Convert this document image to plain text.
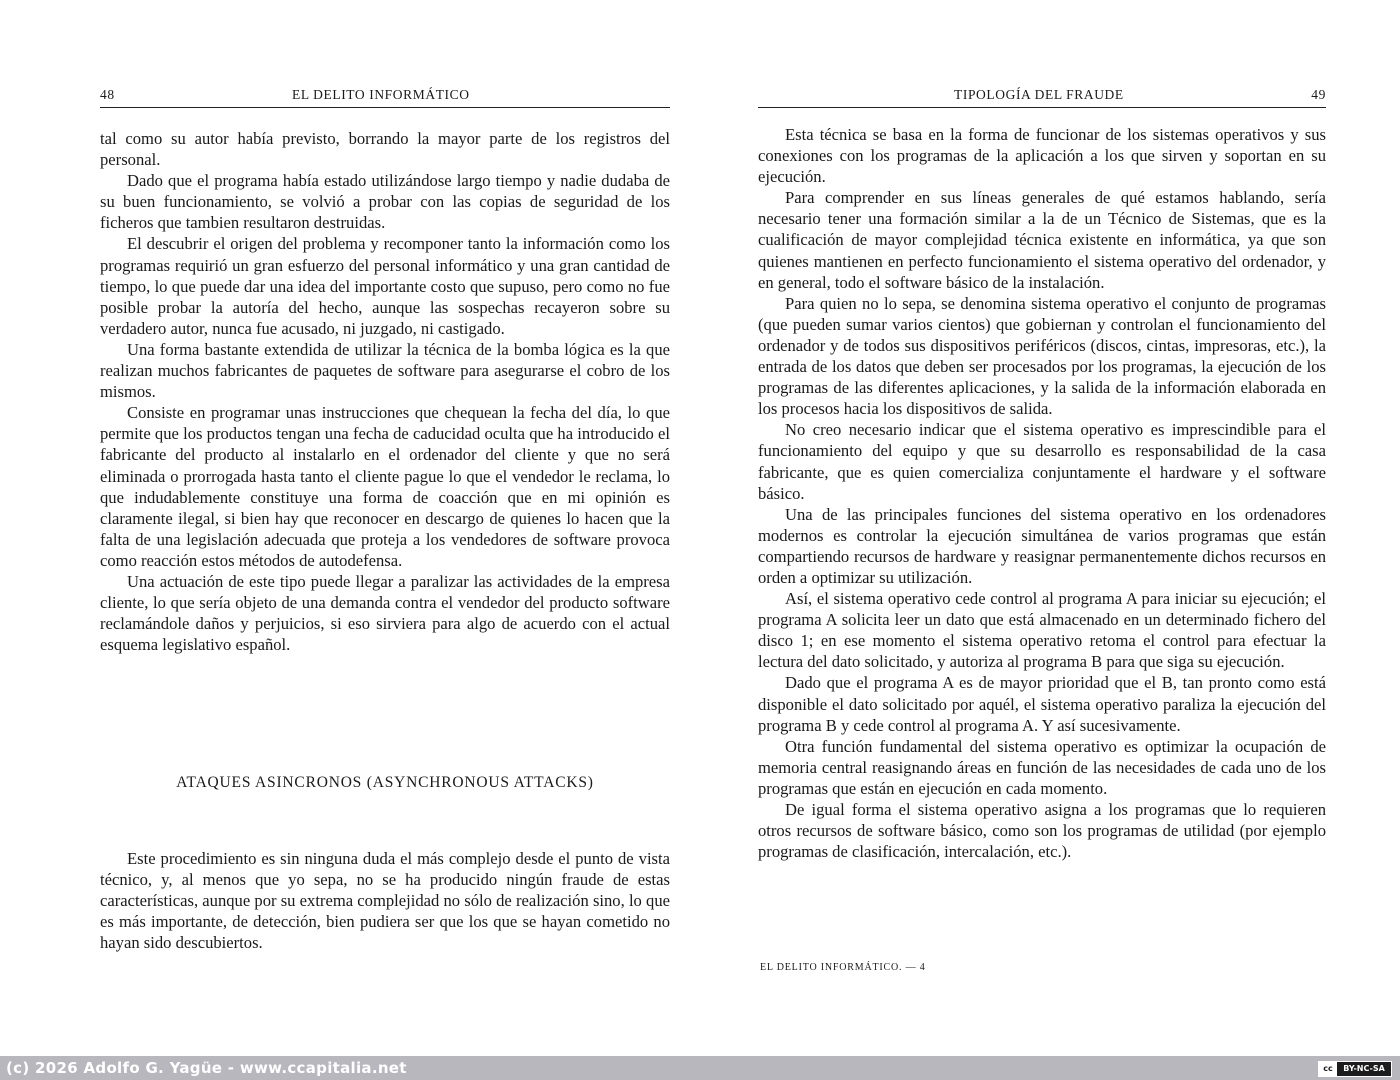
48	EL DELITO INFORMÁTICO

tal como su autor había previsto, borrando la mayor parte de los registros del personal.

Dado que el programa había estado utilizándose largo tiempo y nadie dudaba de su buen funcionamiento, se volvió a probar con las copias de seguridad de los ficheros que tambien resultaron destruidas.

El descubrir el origen del problema y recomponer tanto la información como los programas requirió un gran esfuerzo del personal informático y una gran cantidad de tiempo, lo que puede dar una idea del importante costo que supuso, pero como no fue posible probar la autoría del hecho, aunque las sospechas recayeron sobre su verdadero autor, nunca fue acusado, ni juzgado, ni castigado.

Una forma bastante extendida de utilizar la técnica de la bomba lógica es la que realizan muchos fabricantes de paquetes de software para asegurarse el cobro de los mismos.

Consiste en programar unas instrucciones que chequean la fecha del día, lo que permite que los productos tengan una fecha de caducidad oculta que ha introducido el fabricante del producto al instalarlo en el ordenador del cliente y que no será eliminada o prorrogada hasta tanto el cliente pague lo que el vendedor le reclama, lo que indudablemente constituye una forma de coacción que en mi opinión es claramente ilegal, si bien hay que reconocer en descargo de quienes lo hacen que la falta de una legislación adecuada que proteja a los vendedores de software provoca como reacción estos métodos de autodefensa.

Una actuación de este tipo puede llegar a paralizar las actividades de la empresa cliente, lo que sería objeto de una demanda contra el vendedor del producto software reclamándole daños y perjuicios, si eso sirviera para algo de acuerdo con el actual esquema legislativo español.

ATAQUES ASINCRONOS (ASYNCHRONOUS ATTACKS)

Este procedimiento es sin ninguna duda el más complejo desde el punto de vista técnico, y, al menos que yo sepa, no se ha producido ningún fraude de estas características, aunque por su extrema complejidad no sólo de realización sino, lo que es más importante, de detección, bien pudiera ser que los que se hayan cometido no hayan sido descubiertos.

TIPOLOGÍA DEL FRAUDE	49

Esta técnica se basa en la forma de funcionar de los sistemas operativos y sus conexiones con los programas de la aplicación a los que sirven y soportan en su ejecución.

Para comprender en sus líneas generales de qué estamos hablando, sería necesario tener una formación similar a la de un Técnico de Sistemas, que es la cualificación de mayor complejidad técnica existente en informática, ya que son quienes mantienen en perfecto funcionamiento el sistema operativo del ordenador, y en general, todo el software básico de la instalación.

Para quien no lo sepa, se denomina sistema operativo el conjunto de programas (que pueden sumar varios cientos) que gobiernan y controlan el funcionamiento del ordenador y de todos sus dispositivos periféricos (discos, cintas, impresoras, etc.), la entrada de los datos que deben ser procesados por los programas, la ejecución de los programas de las diferentes aplicaciones, y la salida de la información elaborada en los procesos hacia los dispositivos de salida.

No creo necesario indicar que el sistema operativo es imprescindible para el funcionamiento del equipo y que su desarrollo es responsabilidad de la casa fabricante, que es quien comercializa conjuntamente el hardware y el software básico.

Una de las principales funciones del sistema operativo en los ordenadores modernos es controlar la ejecución simultánea de varios programas que están compartiendo recursos de hardware y reasignar permanentemente dichos recursos en orden a optimizar su utilización.

Así, el sistema operativo cede control al programa A para iniciar su ejecución; el programa A solicita leer un dato que está almacenado en un determinado fichero del disco 1; en ese momento el sistema operativo retoma el control para efectuar la lectura del dato solicitado, y autoriza al programa B para que siga su ejecución.

Dado que el programa A es de mayor prioridad que el B, tan pronto como está disponible el dato solicitado por aquél, el sistema operativo paraliza la ejecución del programa B y cede control al programa A. Y así sucesivamente.

Otra función fundamental del sistema operativo es optimizar la ocupación de memoria central reasignando áreas en función de las necesidades de cada uno de los programas que están en ejecución en cada momento.

De igual forma el sistema operativo asigna a los programas que lo requieren otros recursos de software básico, como son los programas de utilidad (por ejemplo programas de clasificación, intercalación, etc.).

EL DELITO INFORMÁTICO. — 4
(c) 2026 Adolfo G. Yagüe - www.ccapitalia.net	cc	BY-NC-SA
